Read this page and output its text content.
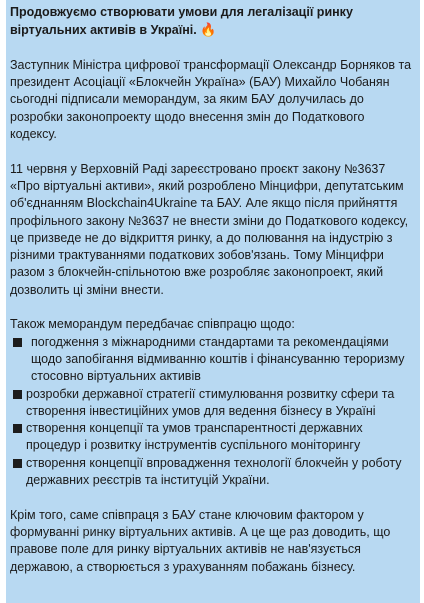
Продовжуємо створювати умови для легалізації ринку віртуальних активів в Україні. 🔥

Заступник Міністра цифрової трансформації Олександр Борняков та президент Асоціації «Блокчейн Україна» (БАУ) Михайло Чобанян сьогодні підписали меморандум, за яким БАУ долучилась до розробки законопроекту щодо внесення змін до Податкового кодексу.

11 червня у Верховній Раді зареєстровано проєкт закону №3637 «Про віртуальні активи», який розроблено Мінцифри, депутатським об'єднанням Blockchain4Ukraine та БАУ. Але якщо після прийняття профільного закону №3637 не внести зміни до Податкового кодексу, це призведе не до відкриття ринку, а до полювання на індустрію з різними трактуваннями податкових зобов'язань. Тому Мінцифри разом з блокчейн-спільнотою вже розробляє законопроект, який дозволить ці зміни внести.

Також меморандум передбачає співпрацю щодо:

погодження з міжнародними стандартами та рекомендаціями щодо запобігання відмиванню коштів і фінансуванню тероризму стосовно віртуальних активів
розробки державної стратегії стимулювання розвитку сфери та створення інвестиційних умов для ведення бізнесу в Україні
створення концепції та умов транспарентності державних процедур і розвитку інструментів суспільного моніторингу
створення концепції впровадження технології блокчейн у роботу державних реєстрів та інституцій України.

Крім того, саме співпраця з БАУ стане ключовим фактором у формуванні ринку віртуальних активів. А це ще раз доводить, що правове поле для ринку віртуальних активів не нав'язується державою, а створюється з урахуванням побажань бізнесу.
